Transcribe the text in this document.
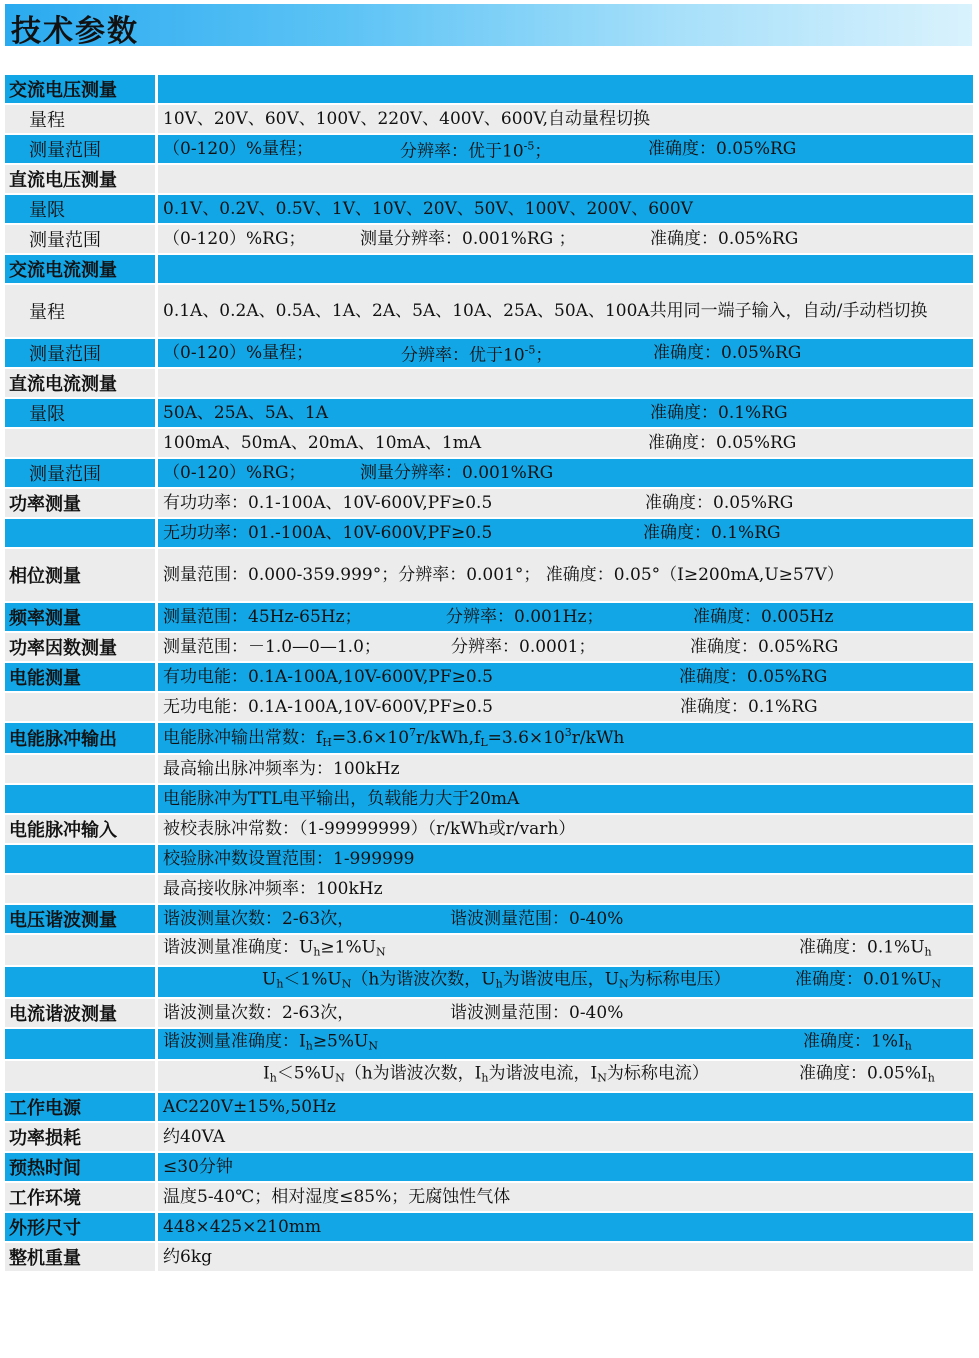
技术参数
交流电压测量
量程	10V、20V、60V、100V、220V、400V、600V,自动量程切换
测量范围	（0-120）%量程；	分辨率：优于$10^{-5}$；	准确度：0.05%RG
直流电压测量
量限	0.1V、0.2V、0.5V、1V、10V、20V、50V、100V、200V、600V
测量范围	（0-120）%RG；	测量分辨率：0.001%RG ；	准确度：0.05%RG
交流电流测量
量程	0.1A、0.2A、0.5A、1A、2A、5A、10A、25A、50A、100A共用同一端子输入，自动/手动档切换
测量范围	（0-120）%量程；	分辨率：优于$10^{-5}$；	准确度：0.05%RG
直流电流测量
量限	50A、25A、5A、1A	准确度：0.1%RG
100mA、50mA、20mA、10mA、1mA	准确度：0.05%RG
测量范围	（0-120）%RG；	测量分辨率：0.001%RG
功率测量	有功功率：0.1-100A、10V-600V,PF≥0.5	准确度：0.05%RG
无功功率：01.-100A、10V-600V,PF≥0.5	准确度：0.1%RG
相位测量	测量范围：0.000-359.999°；分辨率：0.001°； 准确度：0.05°（I≥200mA,U≥57V）
频率测量	测量范围：45Hz-65Hz；	分辨率：0.001Hz；	准确度：0.005Hz
功率因数测量	测量范围：－1.0—0—1.0；	分辨率：0.0001；	准确度：0.05%RG
电能测量	有功电能：0.1A-100A,10V-600V,PF≥0.5	准确度：0.05%RG
无功电能：0.1A-100A,10V-600V,PF≥0.5	准确度：0.1%RG
电能脉冲输出	电能脉冲输出常数：$f_H=3.6\times 10^7r/kWh,f_L=3.6\times 10^3r$/kWh
最高输出脉冲频率为：100kHz
电能脉冲为TTL电平输出，负载能力大于20mA
电能脉冲输入	被校表脉冲常数：（1-99999999）（r/kWh或r/varh）
校验脉冲数设置范围：1-999999
最高接收脉冲频率：100kHz
电压谐波测量	谐波测量次数：2-63次，	谐波测量范围：0-40%
谐波测量准确度：$U_h\ge 1\%U_N$	准确度：$0.1\%U_h$
$U_h<1\%U_N(h$为谐波次数，$U_h$为谐波电压，$U_N$为标称电压）	准确度：$0.01\%U_N$
电流谐波测量	谐波测量次数：2-63次，	谐波测量范围：0-40%
谐波测量准确度：$I_h\ge 5\%U_N$	准确度：$1\%I_h$
$I_h<5\%U_N(h$为谐波次数，$I_h$为谐波电流，$I_N$为标称电流）	准确度：$0.05\%I_h$
工作电源	AC220V±15%,50Hz
功率损耗	约40VA
预热时间	≤30分钟
工作环境	温度5-40℃；相对湿度≤85%；无腐蚀性气体
外形尺寸	448×425×210mm
整机重量	约6kg
